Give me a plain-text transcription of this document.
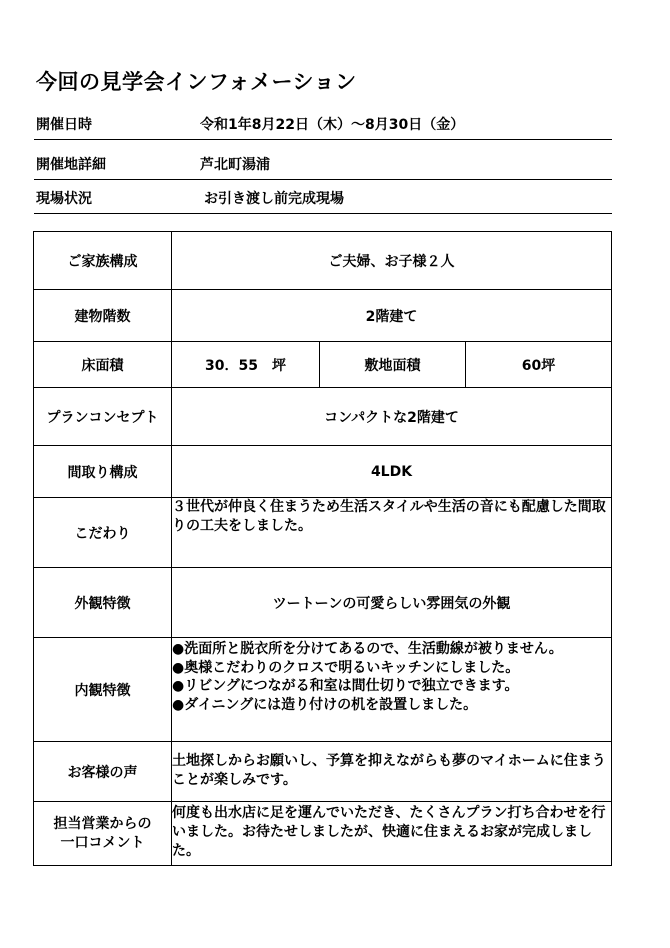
今回の見学会インフォメーション
開催日時	令和1年8月22日（木）～8月30日（金）
開催地詳細	芦北町湯浦
現場状況	お引き渡し前完成現場
ご家族構成	ご夫婦、お子様２人		
建物階数	2階建て		
床面積	30．55　坪	敷地面積	60坪
プランコンセプト	コンパクトな2階建て		
間取り構成	4LDK		
こだわり	３世代が仲良く住まうため生活スタイルや生活の音にも配慮した間取りの工夫をしました。		
外観特徴	ツートーンの可愛らしい雰囲気の外観		
内観特徴	●洗面所と脱衣所を分けてあるので、生活動線が被りません。
●奥様こだわりのクロスで明るいキッチンにしました。
●リビングにつながる和室は間仕切りで独立できます。
●ダイニングには造り付けの机を設置しました。		

お客様の声	土地探しからお願いし、予算を抑えながらも夢のマイホームに住まうことが楽しみです。		

担当営業からの
一口コメント	何度も出水店に足を運んでいただき、たくさんプラン打ち合わせを行いました。お待たせしましたが、快適に住まえるお家が完成しました。		
